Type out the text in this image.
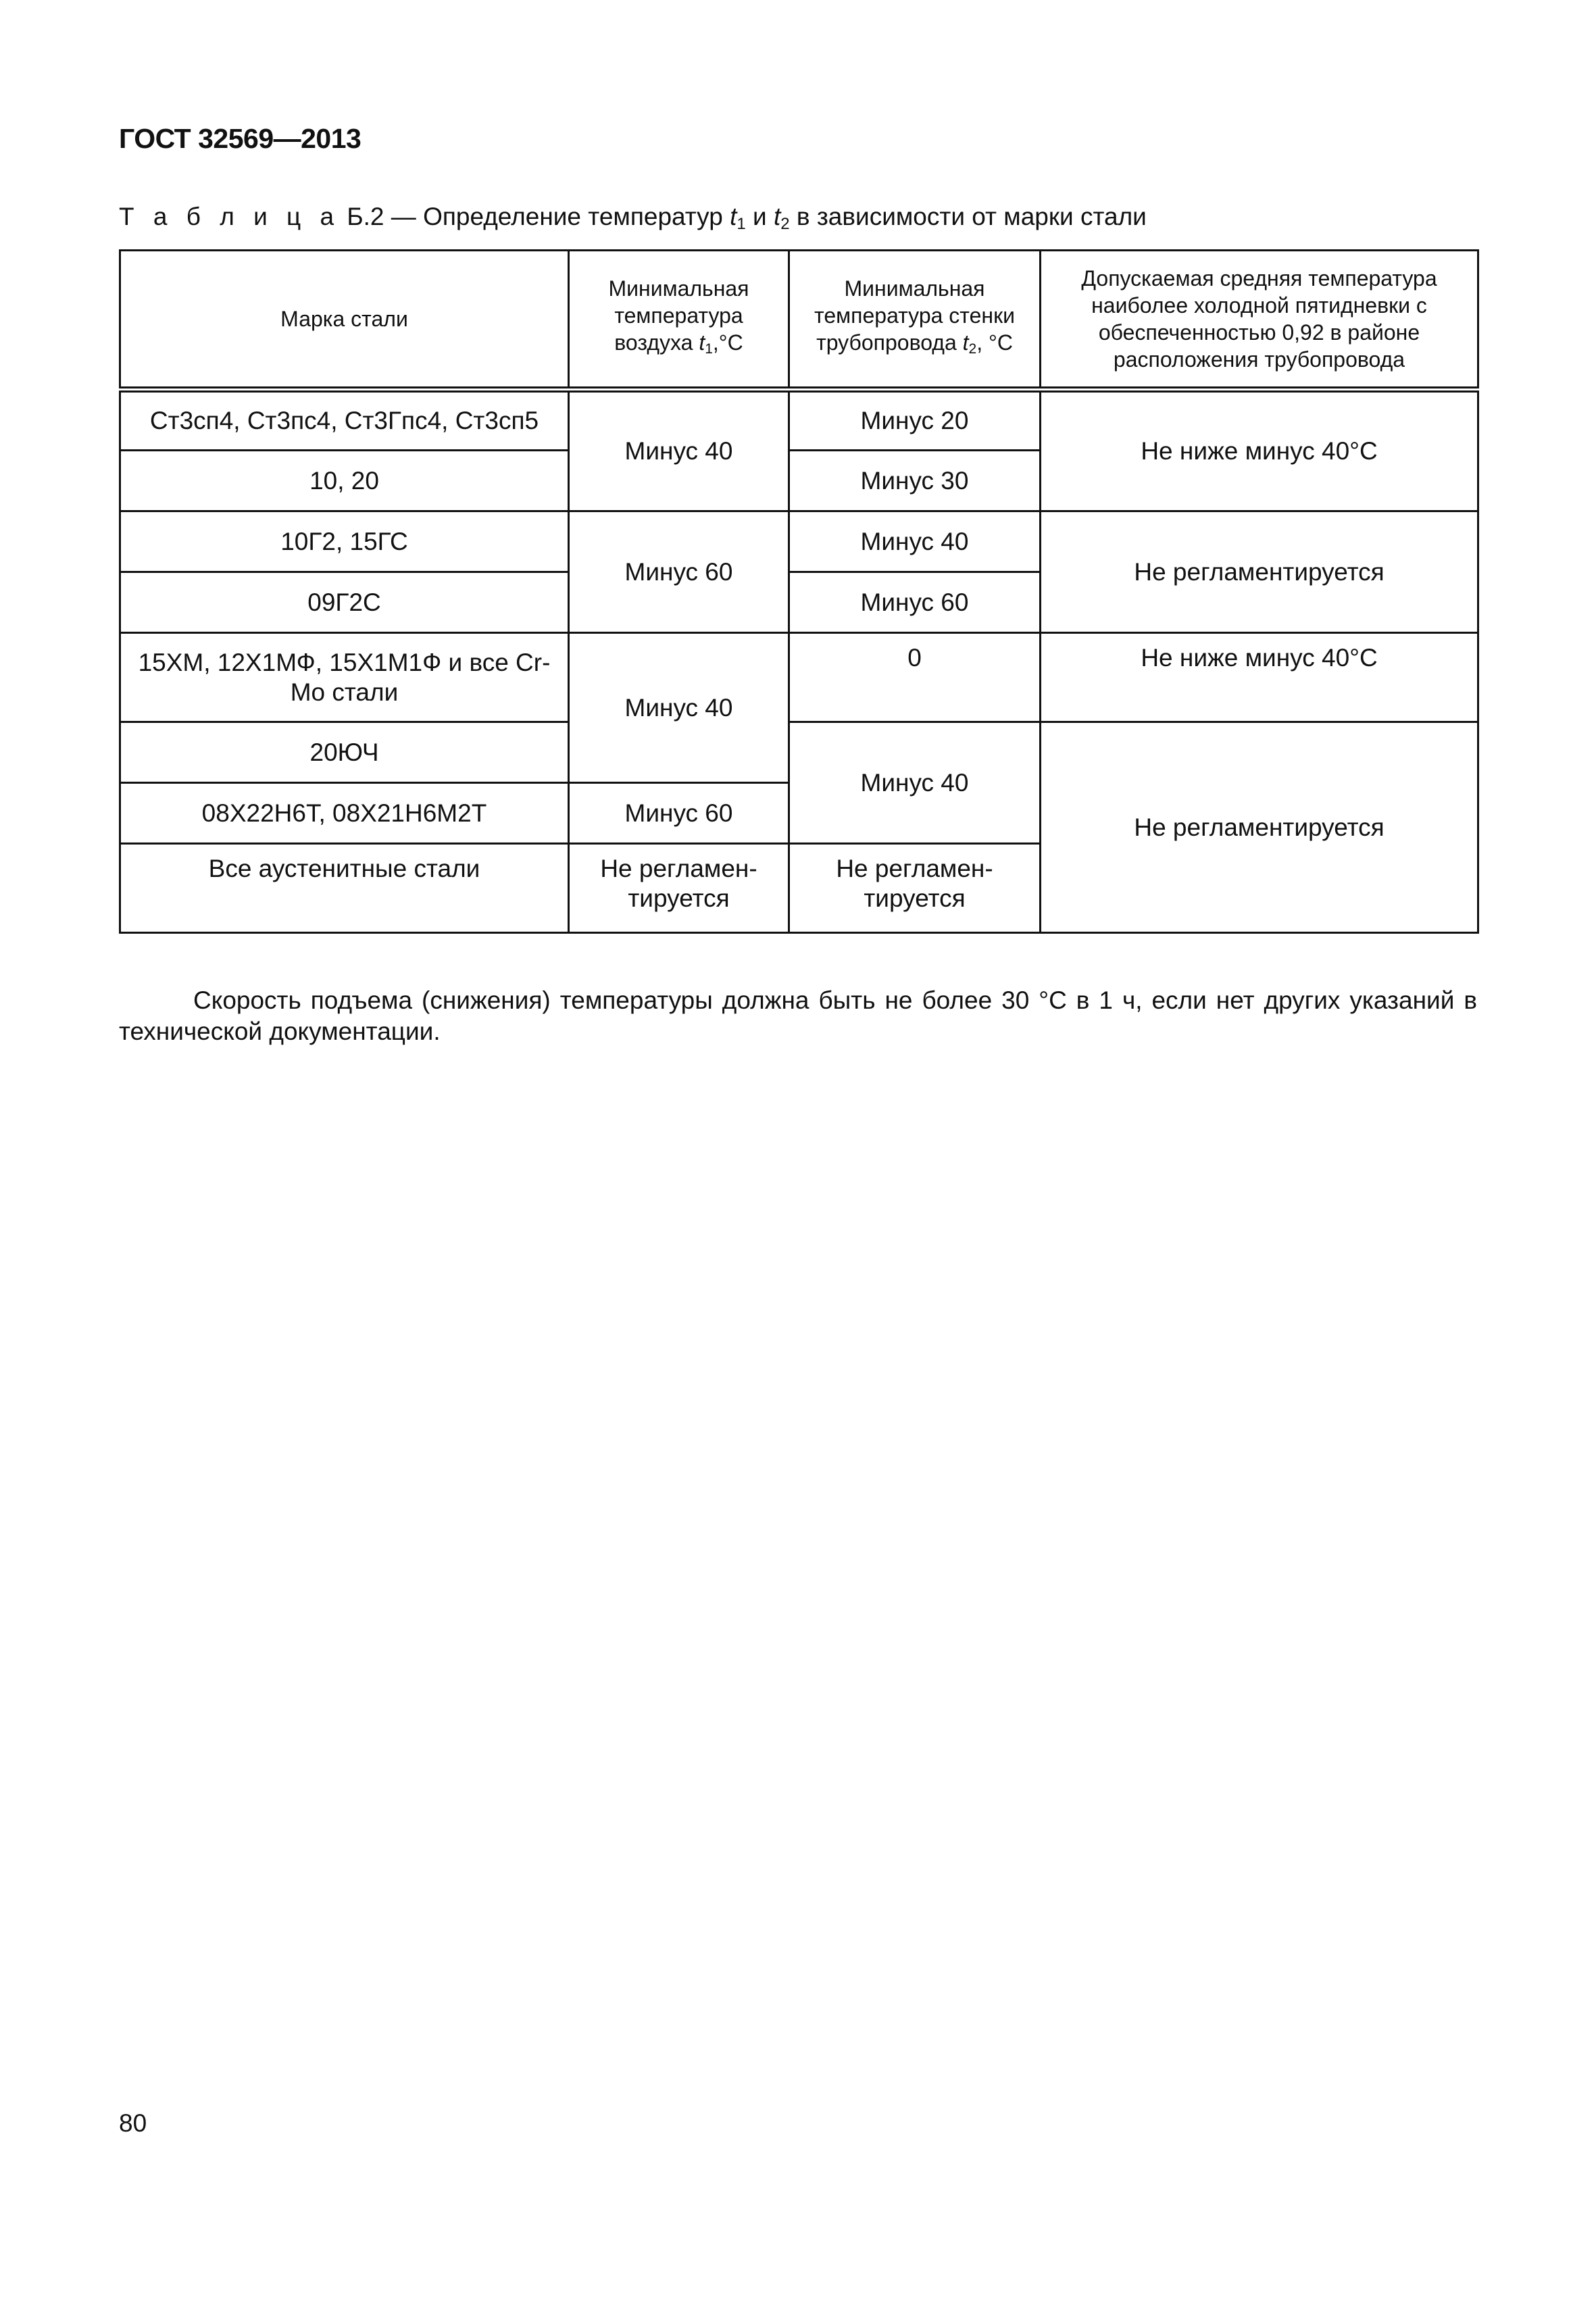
ГОСТ 32569—2013
Т а б л и ц а Б.2 — Определение температур $t_1$ и $t_2$ в зависимости от марки стали
Марка стали	Минимальная температура воздуха $t_1,^\circ С$	Минимальная температура стенки трубопровода $t_2$, °С	Допускаемая средняя температура наиболее холодной пятидневки с обеспеченностью 0,92 в районе расположения трубопровода
Ст3сп4, Ст3пс4, Ст3Гпс4, Ст3сп5	Минус 40	Минус 20	Не ниже минус 40°С
10, 20		Минус 30	
10Г2, 15ГС	Минус 60	Минус 40	Не регламентируется
09Г2С		Минус 60	
15ХМ, 12Х1МФ, 15Х1М1Ф и все Cr-Mo стали	Минус 40	0	Не ниже минус 40°С
20ЮЧ		Минус 40	Не регламентируется
08Х22Н6Т, 08Х21Н6М2Т	Минус 60		
Все аустенитные стали	Не регламен-тируется	Не регламен-тируется	
Скорость подъема (снижения) температуры должна быть не более 30 °С в 1 ч, если нет других указаний в технической документации.
80
